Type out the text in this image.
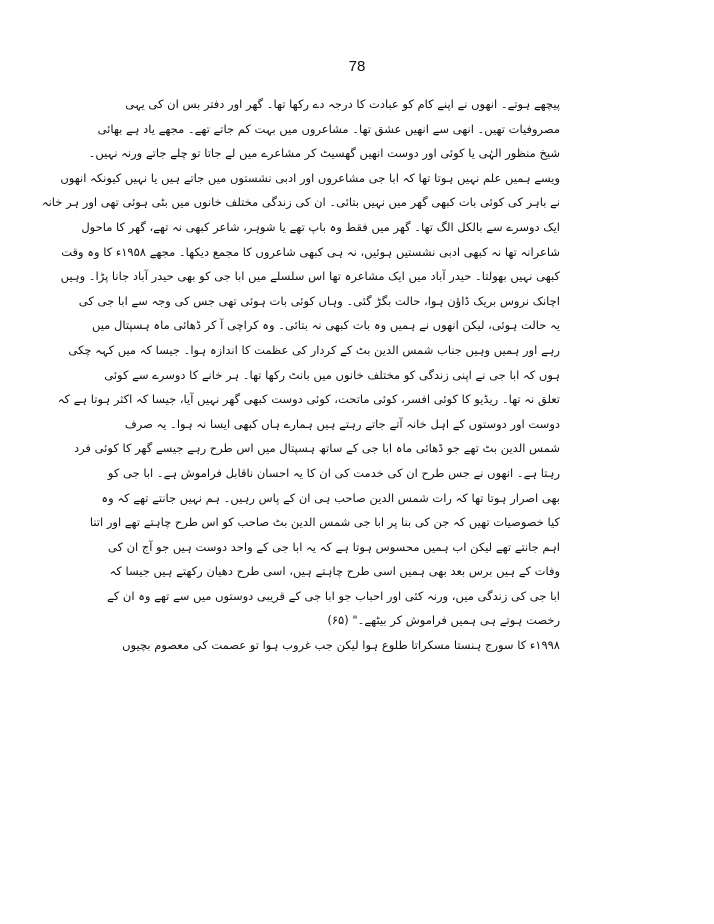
78
پیچھے ہوتے۔ انھوں نے اپنے کام کو عبادت کا درجہ دے رکھا تھا۔ گھر اور دفتر بس ان کی یہی
مصروفیات تھیں۔ انھی سے انھیں عشق تھا۔ مشاعروں میں بہت کم جاتے تھے۔ مجھے یاد ہے بھائی
شیخ منظور الہٰی یا کوئی اور دوست انھیں گھسیٹ کر مشاعرے میں لے جاتا تو چلے جاتے ورنہ نہیں۔
ویسے ہمیں علم نہیں ہوتا تھا کہ ابا جی مشاعروں اور ادبی نشستوں میں جاتے ہیں یا نہیں کیونکہ انھوں
نے باہر کی کوئی بات کبھی گھر میں نہیں بتائی۔ ان کی زندگی مختلف خانوں میں بٹی ہوئی تھی اور ہر خانہ
ایک دوسرے سے بالکل الگ تھا۔ گھر میں فقط وہ باپ تھے یا شوہر، شاعر کبھی نہ تھے، گھر کا ماحول
شاعرانہ تھا نہ کبھی ادبی نشستیں ہوئیں، نہ ہی کبھی شاعروں کا مجمع دیکھا۔ مجھے ۱۹۵۸ء کا وہ وقت
کبھی نہیں بھولتا۔ حیدر آباد میں ایک مشاعرہ تھا اس سلسلے میں ابا جی کو بھی حیدر آباد جانا پڑا۔ وہیں
اچانک نروس بریک ڈاؤن ہوا، حالت بگڑ گئی۔ وہاں کوئی بات ہوئی تھی جس کی وجہ سے ابا جی کی
یہ حالت ہوئی، لیکن انھوں نے ہمیں وہ بات کبھی نہ بتائی۔ وہ کراچی آ کر ڈھائی ماہ ہسپتال میں
رہے اور ہمیں وہیں جناب شمس الدین بٹ کے کردار کی عظمت کا اندازہ ہوا۔ جیسا کہ میں کہہ چکی
ہوں کہ ابا جی نے اپنی زندگی کو مختلف خانوں میں بانٹ رکھا تھا۔ ہر خانے کا دوسرے سے کوئی
تعلق نہ تھا۔ ریڈیو کا کوئی افسر، کوئی ماتحت، کوئی دوست کبھی گھر نہیں آیا، جیسا کہ اکثر ہوتا ہے کہ
دوست اور دوستوں کے اہل خانہ آتے جاتے رہتے ہیں ہمارے ہاں کبھی ایسا نہ ہوا۔ یہ صرف
شمس الدین بٹ تھے جو ڈھائی ماہ ابا جی کے ساتھ ہسپتال میں اس طرح رہے جیسے گھر کا کوئی فرد
رہتا ہے۔ انھوں نے جس طرح ان کی خدمت کی ان کا یہ احسان ناقابل فراموش ہے۔ ابا جی کو
بھی اصرار ہوتا تھا کہ رات شمس الدین صاحب ہی ان کے پاس رہیں۔ ہم نہیں جانتے تھے کہ وہ
کیا خصوصیات تھیں کہ جن کی بنا پر ابا جی شمس الدین بٹ صاحب کو اس طرح چاہتے تھے اور اتنا
اہم جانتے تھے لیکن اب ہمیں محسوس ہوتا ہے کہ یہ ابا جی کے واحد دوست ہیں جو آج ان کی
وفات کے ہیں برس بعد بھی ہمیں اسی طرح چاہتے ہیں، اسی طرح دھیان رکھتے ہیں جیسا کہ
ابا جی کی زندگی میں، ورنہ کئی اور احباب جو ابا جی کے قریبی دوستوں میں سے تھے وہ ان کے
رخصت ہوتے ہی ہمیں فراموش کر بیٹھے۔" (۶۵)
۱۹۹۸ء کا سورج ہنستا مسکراتا طلوع ہوا لیکن جب غروب ہوا تو عصمت کی معصوم بچیوں
